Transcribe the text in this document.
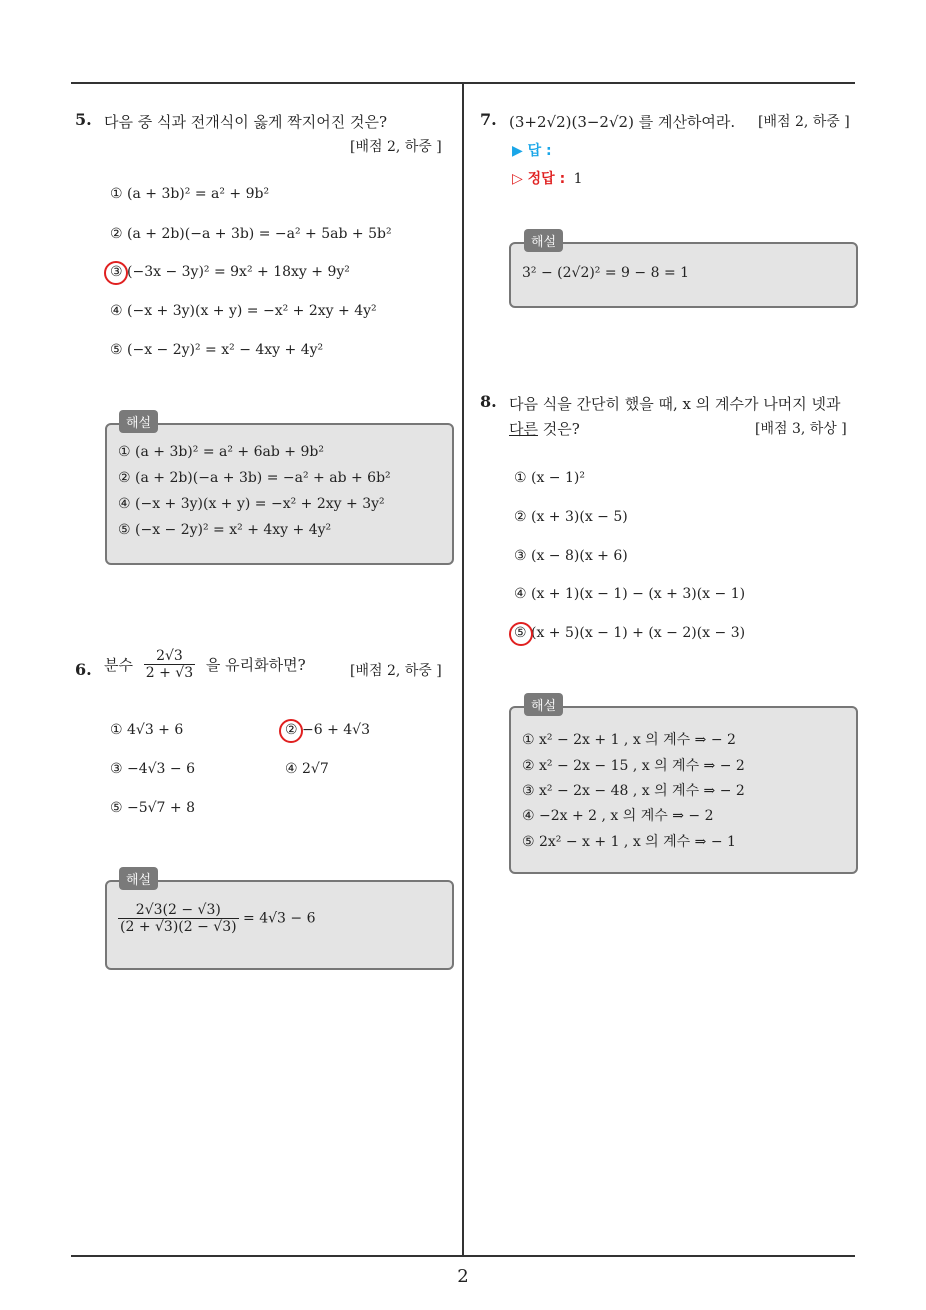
2
5. 다음 중 식과 전개식이 옳게 짝지어진 것은?
[배점 2, 하중 ]
① (a + 3b)² = a² + 9b²
② (a + 2b)(−a + 3b) = −a² + 5ab + 5b²
③ (−3x − 3y)² = 9x² + 18xy + 9y²
④ (−x + 3y)(x + y) = −x² + 2xy + 4y²
⑤ (−x − 2y)² = x² − 4xy + 4y²
해설
① (a + 3b)² = a² + 6ab + 9b²
② (a + 2b)(−a + 3b) = −a² + ab + 6b²
④ (−x + 3y)(x + y) = −x² + 2xy + 3y²
⑤ (−x − 2y)² = x² + 4xy + 4y²
6. 분수 $\frac{2√3}{2 + √3}$ 을 유리화하면?	[배점 2, 하중 ]
① 4√3 + 6	② −6 + 4√3
③ −4√3 − 6	④ 2√7
⑤ −5√7 + 8
해설
$\frac{2√3(2 - √3)}{(2 + √3)(2 - √3)} = 4√3 - 6$
7. (3+2√2)(3−2√2) 를 계산하여라. [배점 2, 하중 ]
▶ 답 :
▷ 정답 : 1
해설
3² − (2√2)² = 9 − 8 = 1
8. 다음 식을 간단히 했을 때, x 의 계수가 나머지 넷과
다른 것은?	[배점 3, 하상 ]
① (x − 1)²
② (x + 3)(x − 5)
③ (x − 8)(x + 6)
④ (x + 1)(x − 1) − (x + 3)(x − 1)
⑤ (x + 5)(x − 1) + (x − 2)(x − 3)
해설
① x² − 2x + 1 , x 의 계수 ⇒ − 2
② x² − 2x − 15 , x 의 계수 ⇒ − 2
③ x² − 2x − 48 , x 의 계수 ⇒ − 2
④ −2x + 2 , x 의 계수 ⇒ − 2
⑤ 2x² − x + 1 , x 의 계수 ⇒ − 1
